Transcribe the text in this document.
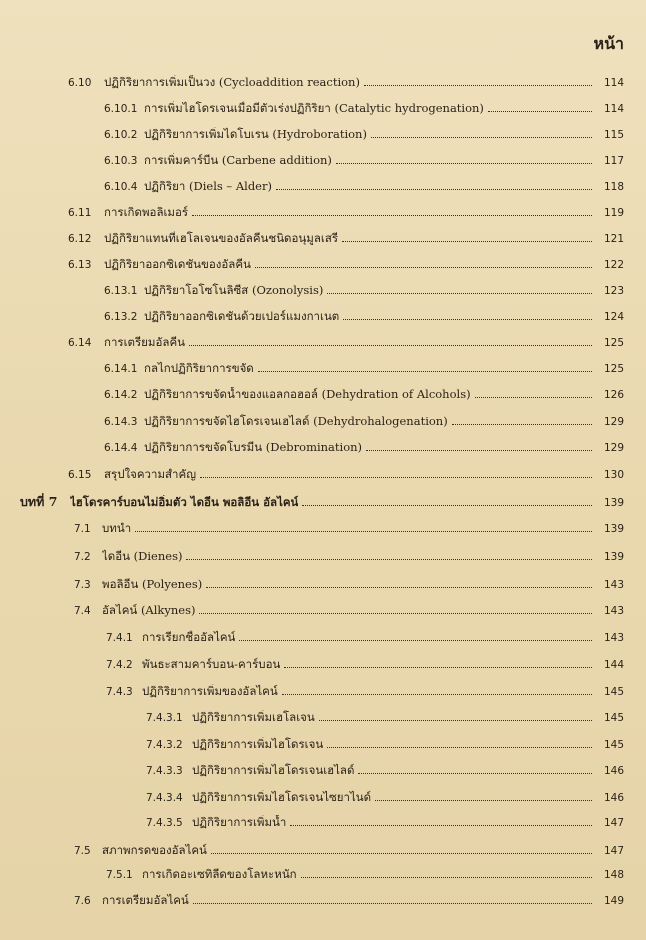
หน้า
6.10	ปฏิกิริยาการเพิ่มเป็นวง (Cycloaddition reaction)	114
6.10.1 การเพิ่มไฮโดรเจนเมื่อมีตัวเร่งปฏิกิริยา (Catalytic hydrogenation)	114
6.10.2 ปฏิกิริยาการเพิ่มไดโบเรน (Hydroboration)	115
6.10.3 การเพิ่มคาร์บีน (Carbene addition)	117
6.10.4 ปฏิกิริยา (Diels – Alder)	118
6.11	การเกิดพอลิเมอร์	119
6.12	ปฏิกิริยาแทนที่เฮโลเจนของอัลคีนชนิดอนุมูลเสรี	121
6.13	ปฏิกิริยาออกซิเดชันของอัลคีน	122
6.13.1 ปฏิกิริยาโอโซโนลิซีส (Ozonolysis)	123
6.13.2 ปฏิกิริยาออกซิเดชันด้วยเปอร์แมงกาเนต	124
6.14	การเตรียมอัลคีน	125
6.14.1 กลไกปฏิกิริยาการขจัด	125
6.14.2 ปฏิกิริยาการขจัดน้ำของแอลกอฮอล์ (Dehydration of Alcohols)	126
6.14.3 ปฏิกิริยาการขจัดไฮโดรเจนเฮไลด์ (Dehydrohalogenation)	129
6.14.4 ปฏิกิริยาการขจัดโบรมีน (Debromination)	129
6.15	สรุปใจความสำคัญ	130
บทที่ 7	ไฮโดรคาร์บอนไม่อิ่มตัว ไดอีน พอลิอีน อัลไคน์	139
7.1 บทนำ	139
7.2 ไดอีน (Dienes)	139
7.3 พอลิอีน (Polyenes)	143
7.4 อัลไคน์ (Alkynes)	143
7.4.1 การเรียกชื่ออัลไคน์	143
7.4.2 พันธะสามคาร์บอน-คาร์บอน	144
7.4.3 ปฏิกิริยาการเพิ่มของอัลไคน์	145
7.4.3.1 ปฏิกิริยาการเพิ่มเฮโลเจน	145
7.4.3.2 ปฏิกิริยาการเพิ่มไฮโดรเจน	145
7.4.3.3 ปฏิกิริยาการเพิ่มไฮโดรเจนเฮไลด์	146
7.4.3.4 ปฏิกิริยาการเพิ่มไฮโดรเจนไซยาไนด์	146
7.4.3.5 ปฏิกิริยาการเพิ่มน้ำ	147
7.5 สภาพกรดของอัลไคน์	147
7.5.1 การเกิดอะเซทิลีดของโลหะหนัก	148
7.6 การเตรียมอัลไคน์	149
